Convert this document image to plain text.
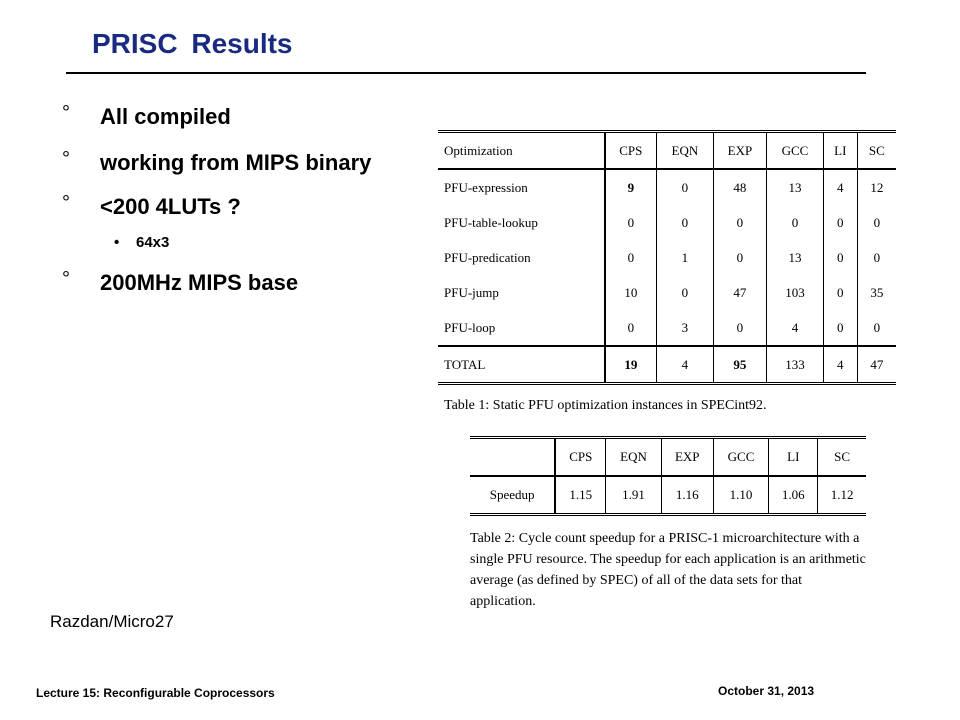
PRISC Results
° All compiled
° working from MIPS binary
° <200 4LUTs ?
• 64x3
° 200MHz MIPS base
Optimization	CPS	EQN	EXP	GCC	LI	SC
PFU-expression	9	0	48	13	4	12
PFU-table-lookup	0	0	0	0	0	0
PFU-predication	0	1	0	13	0	0
PFU-jump	10	0	47	103	0	35
PFU-loop	0	3	0	4	0	0
TOTAL	19	4	95	133	4	47
Table 1: Static PFU optimization instances in SPECint92.
	CPS	EQN	EXP	GCC	LI	SC
Speedup	1.15	1.91	1.16	1.10	1.06	1.12
Table 2: Cycle count speedup for a PRISC-1 microarchitecture with a single PFU resource. The speedup for each application is an arithmetic average (as defined by SPEC) of all of the data sets for that application.
Razdan/Micro27
Lecture 15: Reconfigurable Coprocessors	October 31, 2013
